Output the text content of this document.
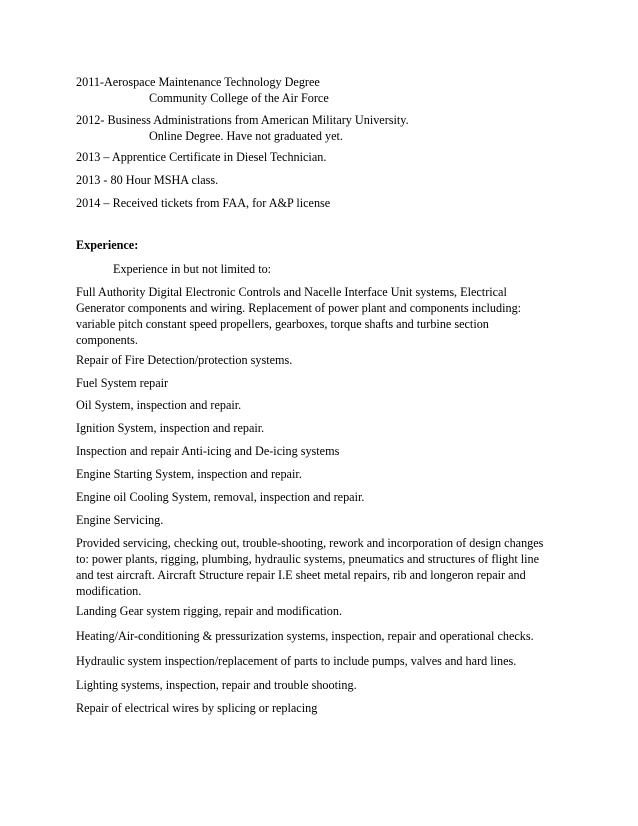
2011-Aerospace Maintenance Technology Degree
Community College of the Air Force

2012- Business Administrations from American Military University.
Online Degree. Have not graduated yet.

2013 – Apprentice Certificate in Diesel Technician.

2013 - 80 Hour MSHA class.

2014 – Received tickets from FAA, for A&P license

Experience:

Experience in but not limited to:

Full Authority Digital Electronic Controls and Nacelle Interface Unit systems, Electrical
Generator components and wiring. Replacement of power plant and components including:
variable pitch constant speed propellers, gearboxes, torque shafts and turbine section
components.

Repair of Fire Detection/protection systems.

Fuel System repair

Oil System, inspection and repair.

Ignition System, inspection and repair.

Inspection and repair Anti-icing and De-icing systems

Engine Starting System, inspection and repair.

Engine oil Cooling System, removal, inspection and repair.

Engine Servicing.

Provided servicing, checking out, trouble-shooting, rework and incorporation of design changes
to: power plants, rigging, plumbing, hydraulic systems, pneumatics and structures of flight line
and test aircraft. Aircraft Structure repair I.E sheet metal repairs, rib and longeron repair and
modification.

Landing Gear system rigging, repair and modification.

Heating/Air-conditioning & pressurization systems, inspection, repair and operational checks.

Hydraulic system inspection/replacement of parts to include pumps, valves and hard lines.

Lighting systems, inspection, repair and trouble shooting.

Repair of electrical wires by splicing or replacing
